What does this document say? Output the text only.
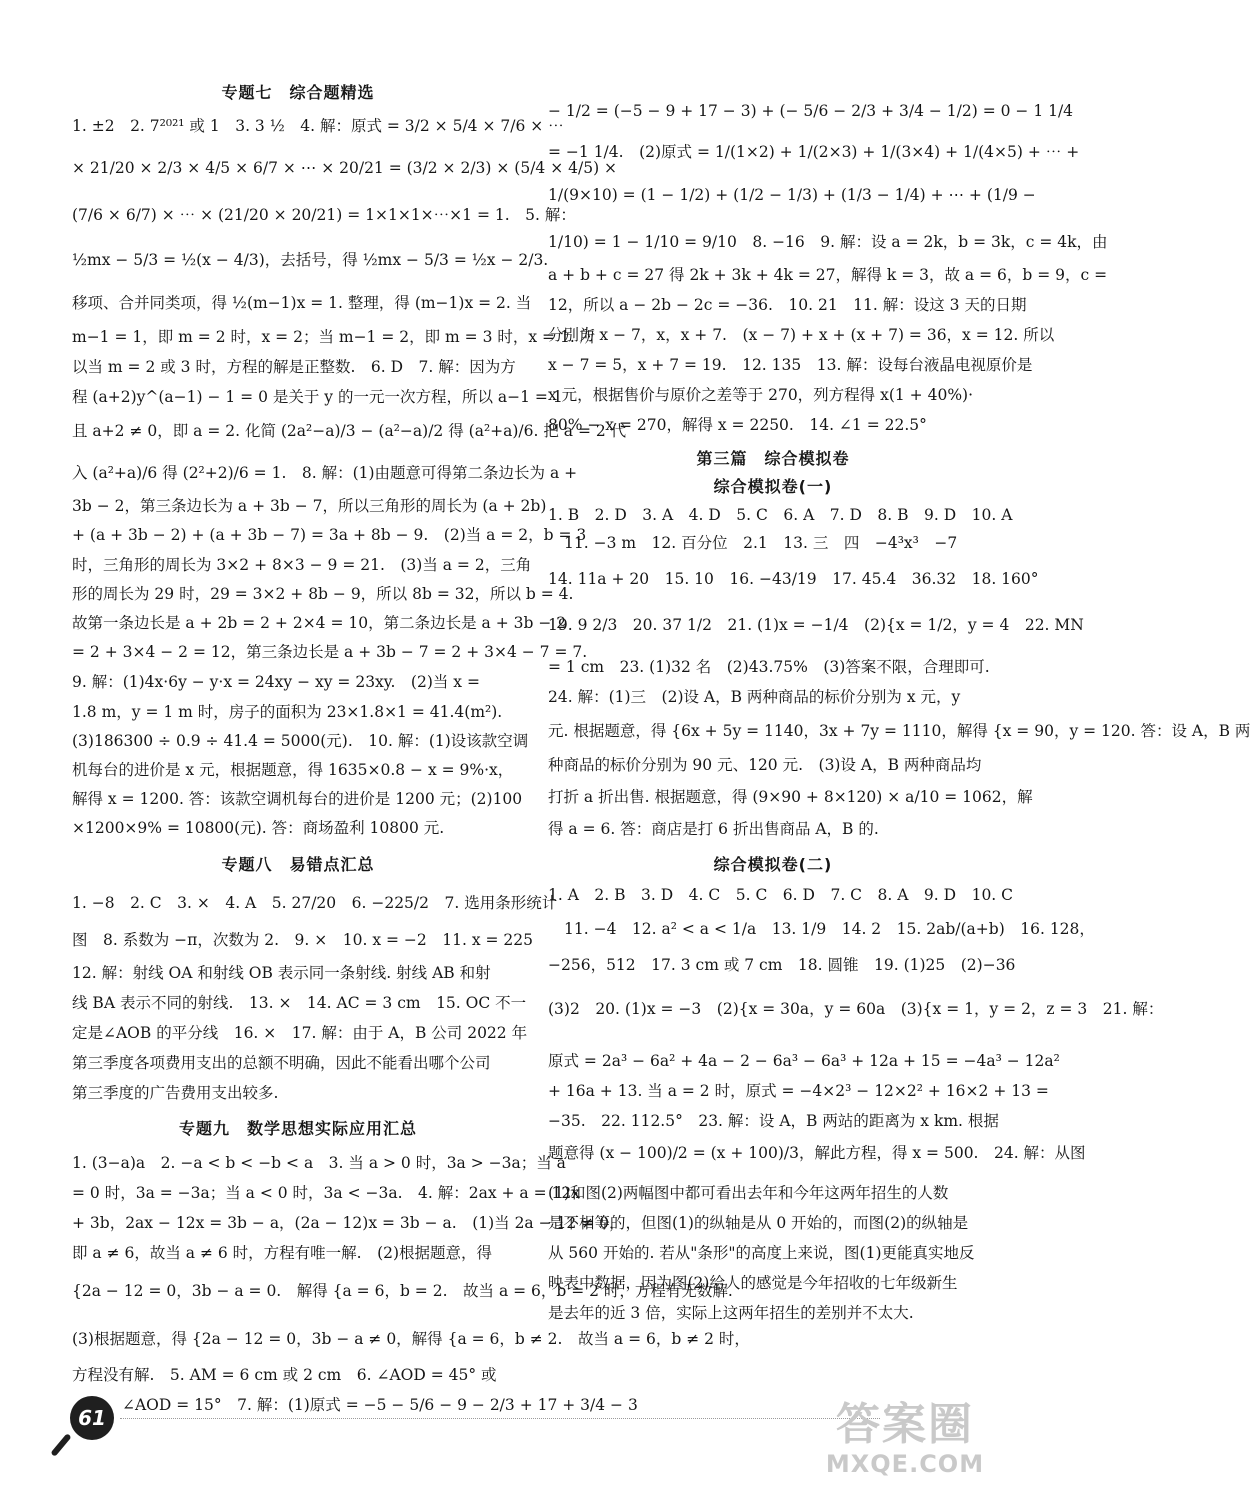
专题七　综合题精选
1. ±2　2. 7²⁰²¹ 或 1　3. 3 ½　4. 解：原式 = 3/2 × 5/4 × 7/6 × ⋯
× 21/20 × 2/3 × 4/5 × 6/7 × ⋯ × 20/21 = (3/2 × 2/3) × (5/4 × 4/5) ×
(7/6 × 6/7) × ⋯ × (21/20 × 20/21) = 1×1×1×⋯×1 = 1.　5. 解：
½mx − 5/3 = ½(x − 4/3)，去括号，得 ½mx − 5/3 = ½x − 2/3.
移项、合并同类项，得 ½(m−1)x = 1. 整理，得 (m−1)x = 2. 当
m−1 = 1，即 m = 2 时，x = 2；当 m−1 = 2，即 m = 3 时，x = 1. 所
以当 m = 2 或 3 时，方程的解是正整数.　6. D　7. 解：因为方
程 (a+2)y^(a−1) − 1 = 0 是关于 y 的一元一次方程，所以 a−1 = 1
且 a+2 ≠ 0，即 a = 2. 化简 (2a²−a)/3 − (a²−a)/2 得 (a²+a)/6. 把 a = 2 代
入 (a²+a)/6 得 (2²+2)/6 = 1.　8. 解：(1)由题意可得第二条边长为 a +
3b − 2，第三条边长为 a + 3b − 7，所以三角形的周长为 (a + 2b)
+ (a + 3b − 2) + (a + 3b − 7) = 3a + 8b − 9.　(2)当 a = 2，b = 3
时，三角形的周长为 3×2 + 8×3 − 9 = 21.　(3)当 a = 2，三角
形的周长为 29 时，29 = 3×2 + 8b − 9，所以 8b = 32，所以 b = 4.
故第一条边长是 a + 2b = 2 + 2×4 = 10，第二条边长是 a + 3b − 2
= 2 + 3×4 − 2 = 12，第三条边长是 a + 3b − 7 = 2 + 3×4 − 7 = 7.
9. 解：(1)4x·6y − y·x = 24xy − xy = 23xy.　(2)当 x =
1.8 m，y = 1 m 时，房子的面积为 23×1.8×1 = 41.4(m²).
(3)186300 ÷ 0.9 ÷ 41.4 = 5000(元).　10. 解：(1)设该款空调
机每台的进价是 x 元，根据题意，得 1635×0.8 − x = 9%·x，
解得 x = 1200. 答：该款空调机每台的进价是 1200 元；(2)100
×1200×9% = 10800(元). 答：商场盈利 10800 元.
专题八　易错点汇总
1. −8　2. C　3. ×　4. A　5. 27/20　6. −225/2　7. 选用条形统计
图　8. 系数为 −π，次数为 2.　9. ×　10. x = −2　11. x = 225
12. 解：射线 OA 和射线 OB 表示同一条射线. 射线 AB 和射
线 BA 表示不同的射线.　13. ×　14. AC = 3 cm　15. OC 不一
定是∠AOB 的平分线　16. ×　17. 解：由于 A，B 公司 2022 年
第三季度各项费用支出的总额不明确，因此不能看出哪个公司
第三季度的广告费用支出较多.
专题九　数学思想实际应用汇总
1. (3−a)a　2. −a < b < −b < a　3. 当 a > 0 时，3a > −3a；当 a
= 0 时，3a = −3a；当 a < 0 时，3a < −3a.　4. 解：2ax + a = 12x
+ 3b，2ax − 12x = 3b − a，(2a − 12)x = 3b − a.　(1)当 2a − 12 ≠ 0，
即 a ≠ 6，故当 a ≠ 6 时，方程有唯一解.　(2)根据题意，得
{2a − 12 = 0，3b − a = 0.　解得 {a = 6，b = 2.　故当 a = 6，b = 2 时，方程有无数解.
(3)根据题意，得 {2a − 12 = 0，3b − a ≠ 0，解得 {a = 6，b ≠ 2.　故当 a = 6，b ≠ 2 时，
方程没有解.　5. AM = 6 cm 或 2 cm　6. ∠AOD = 45° 或
∠AOD = 15°　7. 解：(1)原式 = −5 − 5/6 − 9 − 2/3 + 17 + 3/4 − 3
− 1/2 = (−5 − 9 + 17 − 3) + (− 5/6 − 2/3 + 3/4 − 1/2) = 0 − 1 1/4
= −1 1/4.　(2)原式 = 1/(1×2) + 1/(2×3) + 1/(3×4) + 1/(4×5) + ⋯ +
1/(9×10) = (1 − 1/2) + (1/2 − 1/3) + (1/3 − 1/4) + ⋯ + (1/9 −
1/10) = 1 − 1/10 = 9/10　8. −16　9. 解：设 a = 2k，b = 3k，c = 4k，由
a + b + c = 27 得 2k + 3k + 4k = 27，解得 k = 3，故 a = 6，b = 9，c =
12，所以 a − 2b − 2c = −36.　10. 21　11. 解：设这 3 天的日期
分别为 x − 7，x，x + 7.　(x − 7) + x + (x + 7) = 36，x = 12. 所以
x − 7 = 5，x + 7 = 19.　12. 135　13. 解：设每台液晶电视原价是
x 元，根据售价与原价之差等于 270，列方程得 x(1 + 40%)·
80% − x = 270，解得 x = 2250.　14. ∠1 = 22.5°
第三篇　综合模拟卷
综合模拟卷(一)
1. B　2. D　3. A　4. D　5. C　6. A　7. D　8. B　9. D　10. A
11. −3 m　12. 百分位　2.1　13. 三　四　−4³x³　−7
14. 11a + 20　15. 10　16. −43/19　17. 45.4　36.32　18. 160°
19. 9 2/3　20. 37 1/2　21. (1)x = −1/4　(2){x = 1/2，y = 4　22. MN
= 1 cm　23. (1)32 名　(2)43.75%　(3)答案不限，合理即可.
24. 解：(1)三　(2)设 A，B 两种商品的标价分别为 x 元，y
元. 根据题意，得 {6x + 5y = 1140，3x + 7y = 1110，解得 {x = 90，y = 120. 答：设 A，B 两
种商品的标价分别为 90 元、120 元.　(3)设 A，B 两种商品均
打折 a 折出售. 根据题意，得 (9×90 + 8×120) × a/10 = 1062，解
得 a = 6. 答：商店是打 6 折出售商品 A，B 的.
综合模拟卷(二)
1. A　2. B　3. D　4. C　5. C　6. D　7. C　8. A　9. D　10. C
11. −4　12. a² < a < 1/a　13. 1/9　14. 2　15. 2ab/(a+b)　16. 128，
−256，512　17. 3 cm 或 7 cm　18. 圆锥　19. (1)25　(2)−36
(3)2　20. (1)x = −3　(2){x = 30a，y = 60a　(3){x = 1，y = 2，z = 3　21. 解：
原式 = 2a³ − 6a² + 4a − 2 − 6a³ − 6a³ + 12a + 15 = −4a³ − 12a²
+ 16a + 13. 当 a = 2 时，原式 = −4×2³ − 12×2² + 16×2 + 13 =
−35.　22. 112.5°　23. 解：设 A，B 两站的距离为 x km. 根据
题意得 (x − 100)/2 = (x + 100)/3，解此方程，得 x = 500.　24. 解：从图
(1)和图(2)两幅图中都可看出去年和今年这两年招生的人数
是不相等的，但图(1)的纵轴是从 0 开始的，而图(2)的纵轴是
从 560 开始的. 若从"条形"的高度上来说，图(1)更能真实地反
映表中数据，因为图(2)给人的感觉是今年招收的七年级新生
是去年的近 3 倍，实际上这两年招生的差别并不太大.
61	答案圈
MXQE.COM
